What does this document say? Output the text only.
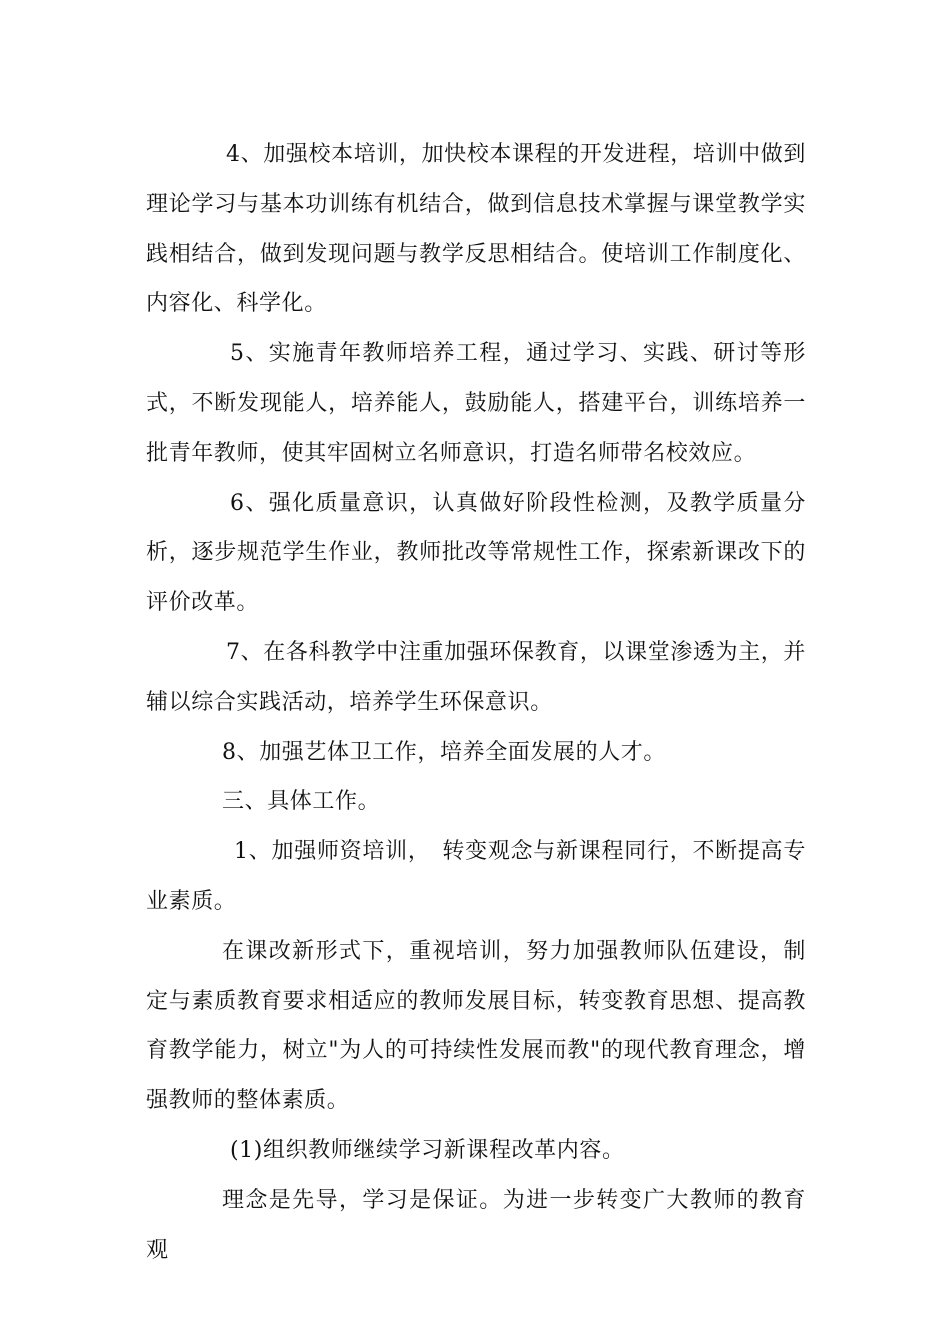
4、加强校本培训，加快校本课程的开发进程，培训中做到理论学习与基本功训练有机结合，做到信息技术掌握与课堂教学实践相结合，做到发现问题与教学反思相结合。使培训工作制度化、内容化、科学化。

5、实施青年教师培养工程，通过学习、实践、研讨等形式，不断发现能人，培养能人，鼓励能人，搭建平台，训练培养一批青年教师，使其牢固树立名师意识，打造名师带名校效应。

6、强化质量意识，认真做好阶段性检测，及教学质量分析，逐步规范学生作业，教师批改等常规性工作，探索新课改下的评价改革。

7、在各科教学中注重加强环保教育，以课堂渗透为主，并辅以综合实践活动，培养学生环保意识。

8、加强艺体卫工作，培养全面发展的人才。

三、具体工作。

1、加强师资培训，　转变观念与新课程同行，不断提高专业素质。

在课改新形式下，重视培训，努力加强教师队伍建设，制定与素质教育要求相适应的教师发展目标，转变教育思想、提高教育教学能力，树立"为人的可持续性发展而教"的现代教育理念，增强教师的整体素质。

(1)组织教师继续学习新课程改革内容。

理念是先导，学习是保证。为进一步转变广大教师的教育观
